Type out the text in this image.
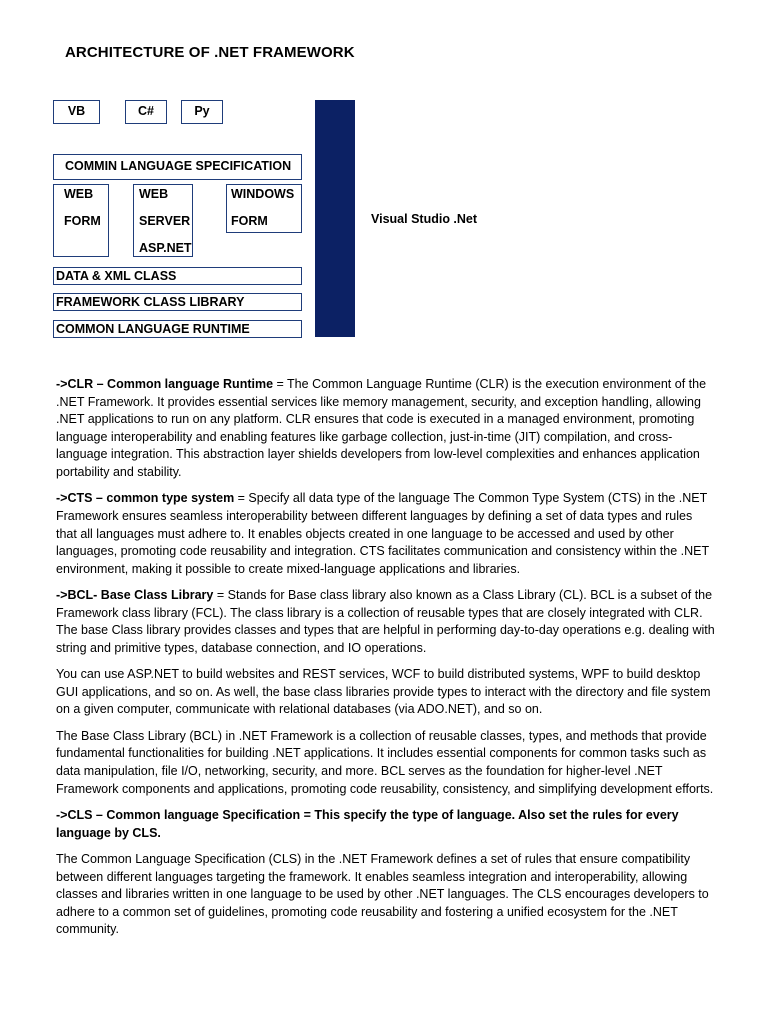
ARCHITECTURE OF .NET FRAMEWORK
VB	C#	Py
COMMIN LANGUAGE SPECIFICATION
WEB
FORM
WEB
SERVER
ASP.NET
WINDOWS
FORM
DATA & XML CLASS
FRAMEWORK CLASS LIBRARY
COMMON LANGUAGE RUNTIME
Visual Studio .Net

->CLR – Common language Runtime = The Common Language Runtime (CLR) is the execution environment of the .NET Framework. It provides essential services like memory management, security, and exception handling, allowing .NET applications to run on any platform. CLR ensures that code is executed in a managed environment, promoting language interoperability and enabling features like garbage collection, just-in-time (JIT) compilation, and cross-language integration. This abstraction layer shields developers from low-level complexities and enhances application portability and stability.

->CTS – common type system = Specify all data type of the language The Common Type System (CTS) in the .NET Framework ensures seamless interoperability between different languages by defining a set of data types and rules that all languages must adhere to. It enables objects created in one language to be accessed and used by other languages, promoting code reusability and integration. CTS facilitates communication and consistency within the .NET environment, making it possible to create mixed-language applications and libraries.

->BCL- Base Class Library = Stands for Base class library also known as a Class Library (CL). BCL is a subset of the Framework class library (FCL). The class library is a collection of reusable types that are closely integrated with CLR. The base Class library provides classes and types that are helpful in performing day-to-day operations e.g. dealing with string and primitive types, database connection, and IO operations.

You can use ASP.NET to build websites and REST services, WCF to build distributed systems, WPF to build desktop GUI applications, and so on. As well, the base class libraries provide types to interact with the directory and file system on a given computer, communicate with relational databases (via ADO.NET), and so on.

The Base Class Library (BCL) in .NET Framework is a collection of reusable classes, types, and methods that provide fundamental functionalities for building .NET applications. It includes essential components for common tasks such as data manipulation, file I/O, networking, security, and more. BCL serves as the foundation for higher-level .NET Framework components and applications, promoting code reusability, consistency, and simplifying development efforts.

->CLS – Common language Specification = This specify the type of language. Also set the rules for every language by CLS.

The Common Language Specification (CLS) in the .NET Framework defines a set of rules that ensure compatibility between different languages targeting the framework. It enables seamless integration and interoperability, allowing classes and libraries written in one language to be used by other .NET languages. The CLS encourages developers to adhere to a common set of guidelines, promoting code reusability and fostering a unified ecosystem for the .NET community.
